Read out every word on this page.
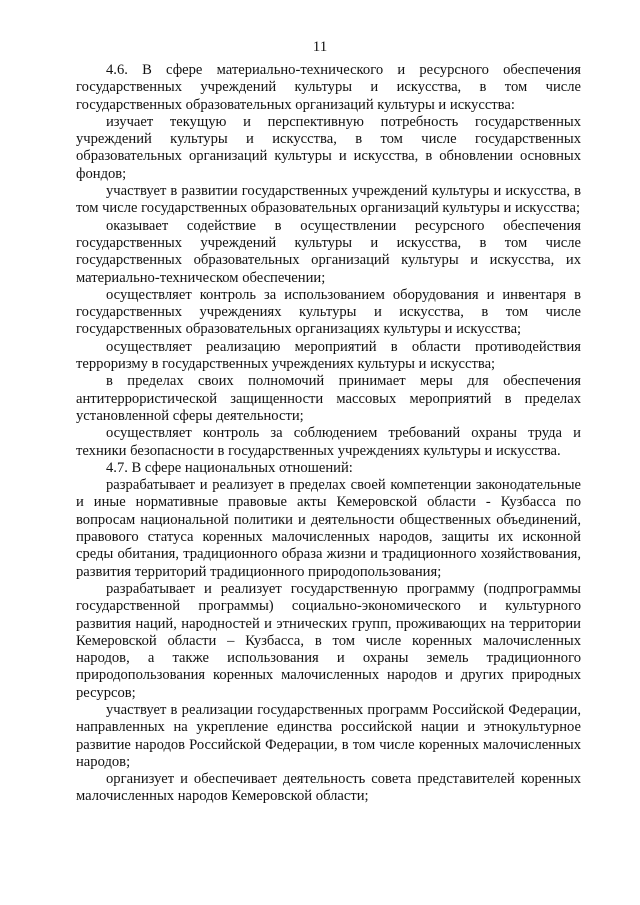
11

4.6. В сфере материально-технического и ресурсного обеспечения государственных учреждений культуры и искусства, в том числе государственных образовательных организаций культуры и искусства:

изучает текущую и перспективную потребность государственных учреждений культуры и искусства, в том числе государственных образовательных организаций культуры и искусства, в обновлении основных фондов;

участвует в развитии государственных учреждений культуры и искусства, в том числе государственных образовательных организаций культуры и искусства;

оказывает содействие в осуществлении ресурсного обеспечения государственных учреждений культуры и искусства, в том числе государственных образовательных организаций культуры и искусства, их материально-техническом обеспечении;

осуществляет контроль за использованием оборудования и инвентаря в государственных учреждениях культуры и искусства, в том числе государственных образовательных организациях культуры и искусства;

осуществляет реализацию мероприятий в области противодействия терроризму в государственных учреждениях культуры и искусства;

в пределах своих полномочий принимает меры для обеспечения антитеррористической защищенности массовых мероприятий в пределах установленной сферы деятельности;

осуществляет контроль за соблюдением требований охраны труда и техники безопасности в государственных учреждениях культуры и искусства.

4.7. В сфере национальных отношений:

разрабатывает и реализует в пределах своей компетенции законодательные и иные нормативные правовые акты Кемеровской области - Кузбасса по вопросам национальной политики и деятельности общественных объединений, правового статуса коренных малочисленных народов, защиты их исконной среды обитания, традиционного образа жизни и традиционного хозяйствования, развития территорий традиционного природопользования;

разрабатывает и реализует государственную программу (подпрограммы государственной программы) социально-экономического и культурного развития наций, народностей и этнических групп, проживающих на территории Кемеровской области – Кузбасса, в том числе коренных малочисленных народов, а также использования и охраны земель традиционного природопользования коренных малочисленных народов и других природных ресурсов;

участвует в реализации государственных программ Российской Федерации, направленных на укрепление единства российской нации и этнокультурное развитие народов Российской Федерации, в том числе коренных малочисленных народов;

организует и обеспечивает деятельность совета представителей коренных малочисленных народов Кемеровской области;
